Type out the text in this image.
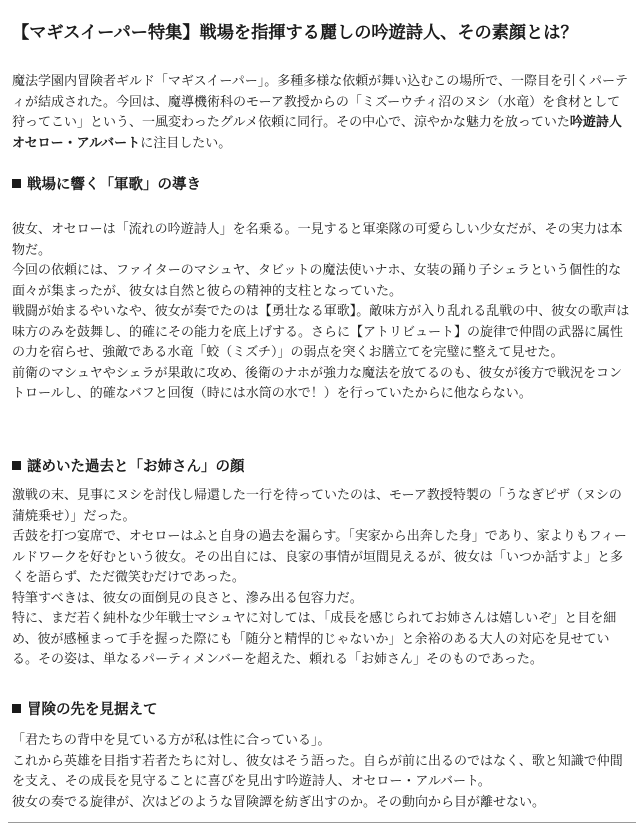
【マギスイーパー特集】戦場を指揮する麗しの吟遊詩人、その素顔とは？

魔法学園内冒険者ギルド「マギスイーパー」。多種多様な依頼が舞い込むこの場所で、一際目を引くパーティが結成された。今回は、魔導機術科のモーア教授からの「ミズーウチィ沼のヌシ（水竜）を食材として狩ってこい」という、一風変わったグルメ依頼に同行。その中心で、涼やかな魅力を放っていた吟遊詩人オセロー・アルバートに注目したい。

戦場に響く「軍歌」の導き

彼女、オセローは「流れの吟遊詩人」を名乗る。一見すると軍楽隊の可愛らしい少女だが、その実力は本物だ。

今回の依頼には、ファイターのマシュヤ、タビットの魔法使いナホ、女装の踊り子シェラという個性的な面々が集まったが、彼女は自然と彼らの精神的支柱となっていた。

戦闘が始まるやいなや、彼女が奏でたのは【勇壮なる軍歌】。敵味方が入り乱れる乱戦の中、彼女の歌声は味方のみを鼓舞し、的確にその能力を底上げする。さらに【アトリビュート】の旋律で仲間の武器に属性の力を宿らせ、強敵である水竜「蛟（ミズチ）」の弱点を突くお膳立てを完璧に整えて見せた。

前衛のマシュヤやシェラが果敢に攻め、後衛のナホが強力な魔法を放てるのも、彼女が後方で戦況をコントロールし、的確なバフと回復（時には水筒の水で！）を行っていたからに他ならない。

謎めいた過去と「お姉さん」の顔

激戦の末、見事にヌシを討伐し帰還した一行を待っていたのは、モーア教授特製の「うなぎピザ（ヌシの蒲焼乗せ）」だった。

舌鼓を打つ宴席で、オセローはふと自身の過去を漏らす。「実家から出奔した身」であり、家よりもフィールドワークを好むという彼女。その出自には、良家の事情が垣間見えるが、彼女は「いつか話すよ」と多くを語らず、ただ微笑むだけであった。

特筆すべきは、彼女の面倒見の良さと、滲み出る包容力だ。

特に、まだ若く純朴な少年戦士マシュヤに対しては、「成長を感じられてお姉さんは嬉しいぞ」と目を細め、彼が感極まって手を握った際にも「随分と精悍的じゃないか」と余裕のある大人の対応を見せている。その姿は、単なるパーティメンバーを超えた、頼れる「お姉さん」そのものであった。

冒険の先を見据えて

「君たちの背中を見ている方が私は性に合っている」。

これから英雄を目指す若者たちに対し、彼女はそう語った。自らが前に出るのではなく、歌と知識で仲間を支え、その成長を見守ることに喜びを見出す吟遊詩人、オセロー・アルバート。

彼女の奏でる旋律が、次はどのような冒険譚を紡ぎ出すのか。その動向から目が離せない。
